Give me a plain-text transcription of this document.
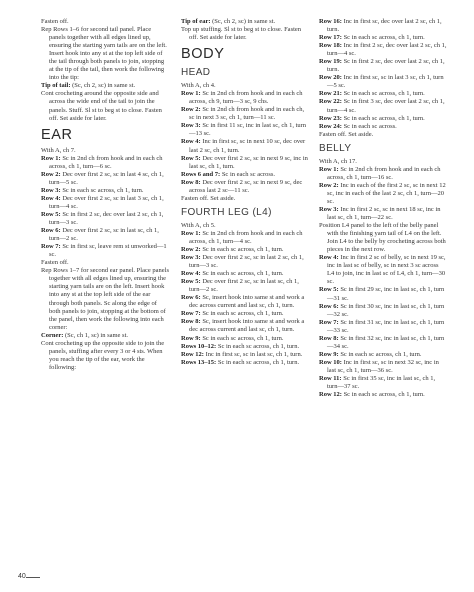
Fasten off.

Rep Rows 1–6 for second tail panel. Place panels together with all edges lined up, ensuring the starting yarn tails are on the left. Insert hook into any st at the top left side of the tail through both panels to join, stopping at the tip of the tail, then work the following into the tip:

Tip of tail: (Sc, ch 2, sc) in same st.

Cont crocheting around the opposite side and across the wide end of the tail to join the panels. Stuff. Sl st to beg st to close. Fasten off. Set aside for later.

EAR

With A, ch 7.

Row 1: Sc in 2nd ch from hook and in each ch across, ch 1, turn—6 sc.

Row 2: Dec over first 2 sc, sc in last 4 sc, ch 1, turn—5 sc.

Row 3: Sc in each sc across, ch 1, turn.

Row 4: Dec over first 2 sc, sc in last 3 sc, ch 1, turn—4 sc.

Row 5: Sc in first 2 sc, dec over last 2 sc, ch 1, turn—3 sc.

Row 6: Dec over first 2 sc, sc in last sc, ch 1, turn—2 sc.

Row 7: Sc in first sc, leave rem st unworked—1 sc.

Fasten off.

Rep Rows 1–7 for second ear panel. Place panels together with all edges lined up, ensuring the starting yarn tails are on the left. Insert hook into any st at the top left side of the ear through both panels. Sc along the edge of both panels to join, stopping at the bottom of the panel, then work the following into each corner:

Corner: (Sc, ch 1, sc) in same st.

Cont crocheting up the opposite side to join the panels, stuffing after every 3 or 4 sts. When you reach the tip of the ear, work the following:

Tip of ear: (Sc, ch 2, sc) in same st.

Top up stuffing. Sl st to beg st to close. Fasten off. Set aside for later.

BODY
HEAD

With A, ch 4.

Row 1: Sc in 2nd ch from hook and in each ch across, ch 9, turn—3 sc, 9 chs.

Row 2: Sc in 2nd ch from hook and in each ch, sc in next 3 sc, ch 1, turn—11 sc.

Row 3: Sc in first 11 sc, inc in last sc, ch 1, turn—13 sc.

Row 4: Inc in first sc, sc in next 10 sc, dec over last 2 sc, ch 1, turn.

Row 5: Dec over first 2 sc, sc in next 9 sc, inc in last sc, ch 1, turn.

Rows 6 and 7: Sc in each sc across.

Row 8: Dec over first 2 sc, sc in next 9 sc, dec across last 2 sc—11 sc.

Fasten off. Set aside.

FOURTH LEG (L4)

With A, ch 5.

Row 1: Sc in 2nd ch from hook and in each ch across, ch 1, turn—4 sc.

Row 2: Sc in each sc across, ch 1, turn.

Row 3: Dec over first 2 sc, sc in last 2 sc, ch 1, turn—3 sc.

Row 4: Sc in each sc across, ch 1, turn.

Row 5: Dec over first 2 sc, sc in last sc, ch 1, turn—2 sc.

Row 6: Sc, insert hook into same st and work a dec across current and last sc, ch 1, turn.

Row 7: Sc in each sc across, ch 1, turn.

Row 8: Sc, insert hook into same st and work a dec across current and last sc, ch 1, turn.

Row 9: Sc in each sc across, ch 1, turn.

Rows 10–12: Sc in each sc across, ch 1, turn.

Row 12: Inc in first sc, sc in last sc, ch 1, turn.

Rows 13–15: Sc in each sc across, ch 1, turn.

Row 16: Inc in first sc, dec over last 2 sc, ch 1, turn.

Row 17: Sc in each sc across, ch 1, turn.

Row 18: Inc in first 2 sc, dec over last 2 sc, ch 1, turn—4 sc.

Row 19: Sc in first 2 sc, dec over last 2 sc, ch 1, turn.

Row 20: Inc in first sc, sc in last 3 sc, ch 1, turn—5 sc.

Row 21: Sc in each sc across, ch 1, turn.

Row 22: Sc in first 3 sc, dec over last 2 sc, ch 1, turn—4 sc.

Row 23: Sc in each sc across, ch 1, turn.

Row 24: Sc in each sc across.

Fasten off. Set aside.

BELLY

With A, ch 17.

Row 1: Sc in 2nd ch from hook and in each ch across, ch 1, turn—16 sc.

Row 2: Inc in each of the first 2 sc, sc in next 12 sc, inc in each of the last 2 sc, ch 1, turn—20 sc.

Row 3: Inc in first 2 sc, sc in next 18 sc, inc in last sc, ch 1, turn—22 sc.

Position L4 panel to the left of the belly panel with the finishing yarn tail of L4 on the left. Join L4 to the belly by crocheting across both pieces in the next row.

Row 4: Inc in first 2 sc of belly, sc in next 19 sc, inc in last sc of belly, sc in next 3 sc across L4 to join, inc in last sc of L4, ch 1, turn—30 sc.

Row 5: Sc in first 29 sc, inc in last sc, ch 1, turn—31 sc.

Row 6: Sc in first 30 sc, inc in last sc, ch 1, turn—32 sc.

Row 7: Sc in first 31 sc, inc in last sc, ch 1, turn—33 sc.

Row 8: Sc in first 32 sc, inc in last sc, ch 1, turn—34 sc.

Row 9: Sc in each sc across, ch 1, turn.

Row 10: Inc in first sc, sc in next 32 sc, inc in last sc, ch 1, turn—36 sc.

Row 11: Sc in first 35 sc, inc in last sc, ch 1, turn—37 sc.

Row 12: Sc in each sc across, ch 1, turn.

40
